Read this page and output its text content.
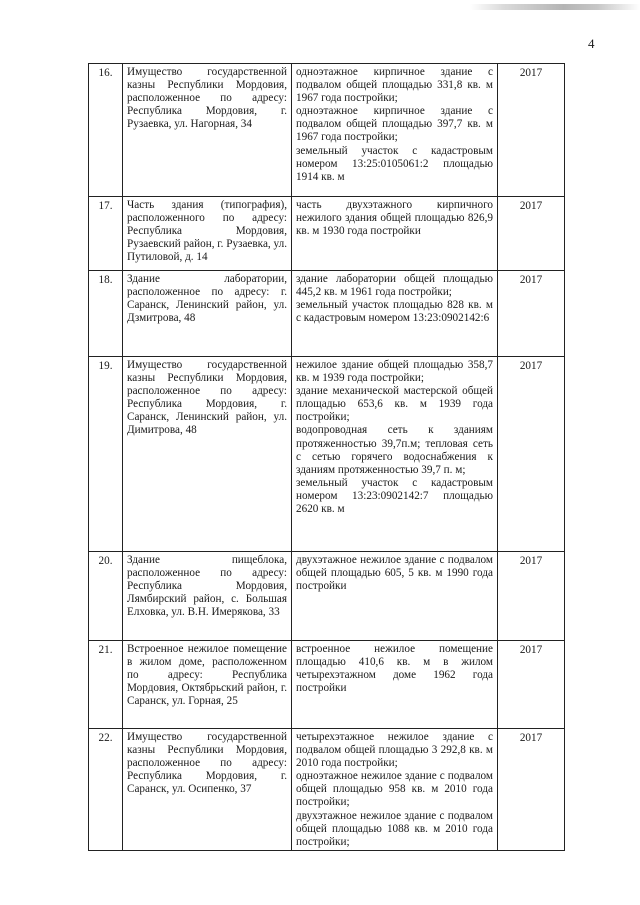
4
16.	Имущество государственной казны Республики Мордовия, расположенное по адресу: Республика Мордовия, г. Рузаевка, ул. Нагорная, 34	одноэтажное кирпичное здание с подвалом общей площадью 331,8 кв. м 1967 года постройки;
одноэтажное кирпичное здание с подвалом общей площадью 397,7 кв. м 1967 года постройки;
земельный участок с кадастровым номером 13:25:0105061:2 площадью 1914 кв. м	2017
17.	Часть здания (типография), расположенного по адресу: Республика Мордовия, Рузаевский район, г. Рузаевка, ул. Путиловой, д. 14	часть двухэтажного кирпичного нежилого здания общей площадью 826,9 кв. м 1930 года постройки	2017
18.	Здание лаборатории, расположенное по адресу: г. Саранск, Ленинский район, ул. Дзмитрова, 48	здание лаборатории общей площадью 445,2 кв. м 1961 года постройки;
земельный участок площадью 828 кв. м с кадастровым номером 13:23:0902142:6	2017
19.	Имущество государственной казны Республики Мордовия, расположенное по адресу: Республика Мордовия, г. Саранск, Ленинский район, ул. Димитрова, 48	нежилое здание общей площадью 358,7 кв. м 1939 года постройки;
здание механической мастерской общей площадью 653,6 кв. м 1939 года постройки;
водопроводная сеть к зданиям протяженностью 39,7п.м; тепловая сеть с сетью горячего водоснабжения к зданиям протяженностью 39,7 п. м;
земельный участок с кадастровым номером 13:23:0902142:7 площадью 2620 кв. м	2017
20.	Здание пищеблока, расположенное по адресу: Республика Мордовия, Лямбирский район, с. Большая Елховка, ул. В.Н. Имерякова, 33	двухэтажное нежилое здание с подвалом общей площадью 605, 5 кв. м 1990 года постройки	2017
21.	Встроенное нежилое помещение в жилом доме, расположенном по адресу: Республика Мордовия, Октябрьский район, г. Саранск, ул. Горная, 25	встроенное нежилое помещение площадью 410,6 кв. м в жилом четырехэтажном доме 1962 года постройки	2017
22.	Имущество государственной казны Республики Мордовия, расположенное по адресу: Республика Мордовия, г. Саранск, ул. Осипенко, 37	четырехэтажное нежилое здание с подвалом общей площадью 3 292,8 кв. м 2010 года постройки;
одноэтажное нежилое здание с подвалом общей площадью 958 кв. м 2010 года постройки;
двухэтажное нежилое здание с подвалом общей площадью 1088 кв. м 2010 года постройки;	2017
